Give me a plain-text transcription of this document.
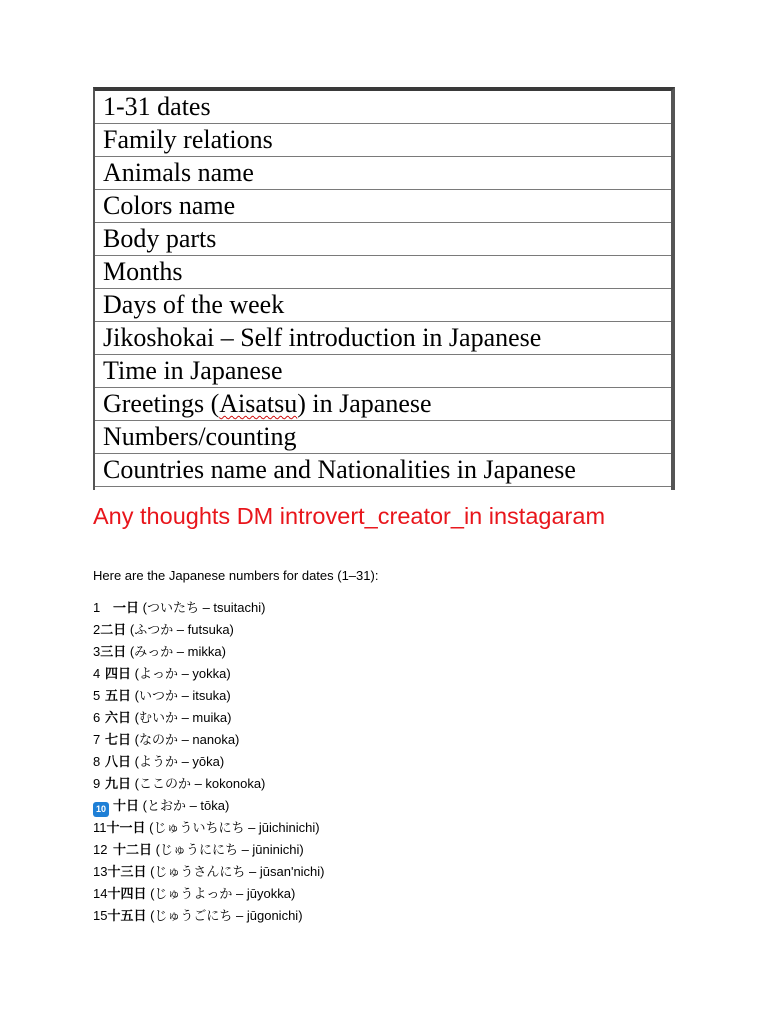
1-31 dates
Family relations
Animals name
Colors name
Body parts
Months
Days of the week
Jikoshokai – Self introduction in Japanese
Time in Japanese
Greetings (Aisatsu) in Japanese
Numbers/counting
Countries name and Nationalities in Japanese
Any thoughts DM introvert_creator_in instagaram
Here are the Japanese numbers for dates (1–31):
1 一日 (ついたち – tsuitachi)
2二日 (ふつか – futsuka)
3三日 (みっか – mikka)
4 四日 (よっか – yokka)
5 五日 (いつか – itsuka)
6 六日 (むいか – muika)
7 七日 (なのか – nanoka)
8 八日 (ようか – yōka)
9 九日 (ここのか – kokonoka)
10 十日 (とおか – tōka)
11十一日 (じゅういちにち – jūichinichi)
12 十二日 (じゅうににち – jūninichi)
13十三日 (じゅうさんにち – jūsan'nichi)
14十四日 (じゅうよっか – jūyokka)
15十五日 (じゅうごにち – jūgonichi)
